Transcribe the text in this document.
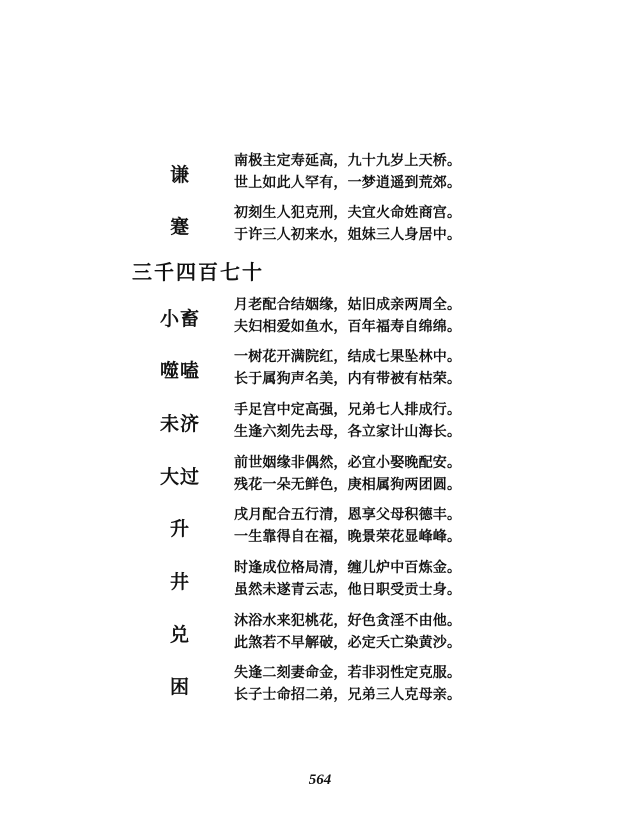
谦
南极主定寿延高，九十九岁上天桥。
世上如此人罕有，一梦逍遥到荒郊。
蹇
初刻生人犯克刑，夫宜火命姓商宫。
于许三人初来水，姐妹三人身居中。
三千四百七十
小畜
月老配合结姻缘，姑旧成亲两周全。
夫妇相爱如鱼水，百年福寿自绵绵。
噬嗑
一树花开满院红，结成七果坠林中。
长于属狗声名美，内有带被有枯荣。
未济
手足宫中定高强，兄弟七人排成行。
生逢六刻先去母，各立家计山海长。
大过
前世姻缘非偶然，必宜小娶晚配安。
残花一朵无鲜色，庚相属狗两团圆。
升
戌月配合五行清，恩享父母积德丰。
一生靠得自在福，晚景荣花显峰峰。
井
时逢成位格局清，缠儿炉中百炼金。
虽然未遂青云志，他日职受贡士身。
兑
沐浴水来犯桃花，好色贪淫不由他。
此煞若不早解破，必定夭亡染黄沙。
困
失逢二刻妻命金，若非羽性定克服。
长子士命招二弟，兄弟三人克母亲。
564
